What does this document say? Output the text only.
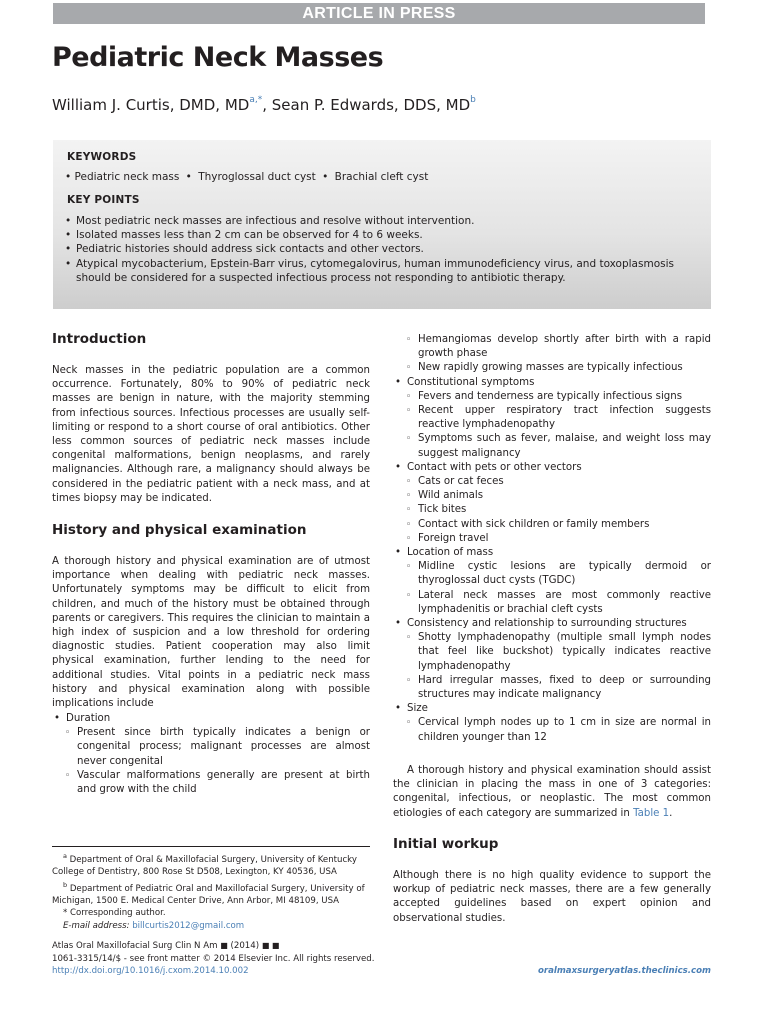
ARTICLE IN PRESS
Pediatric Neck Masses
William J. Curtis, DMD, $MD^{a,*}$, Sean P. Edwards, DDS, $MD^b$
KEYWORDS
• Pediatric neck mass • Thyroglossal duct cyst • Brachial cleft cyst
KEY POINTS
• Most pediatric neck masses are infectious and resolve without intervention.
• Isolated masses less than 2 cm can be observed for 4 to 6 weeks.
• Pediatric histories should address sick contacts and other vectors.
• Atypical mycobacterium, Epstein-Barr virus, cytomegalovirus, human immunodeficiency virus, and toxoplasmosis should be considered for a suspected infectious process not responding to antibiotic therapy.
Introduction

Neck masses in the pediatric population are a common occurrence. Fortunately, 80% to 90% of pediatric neck masses are benign in nature, with the majority stemming from infectious sources. Infectious processes are usually self-limiting or respond to a short course of oral antibiotics. Other less common sources of pediatric neck masses include congenital malformations, benign neoplasms, and rarely malignancies. Although rare, a malignancy should always be considered in the pediatric patient with a neck mass, and at times biopsy may be indicated.

History and physical examination

A thorough history and physical examination are of utmost importance when dealing with pediatric neck masses. Unfortunately symptoms may be difficult to elicit from children, and much of the history must be obtained through parents or caregivers. This requires the clinician to maintain a high index of suspicion and a low threshold for ordering diagnostic studies. Patient cooperation may also limit physical examination, further lending to the need for additional studies. Vital points in a pediatric neck mass history and physical examination along with possible implications include

• Duration
◦ Present since birth typically indicates a benign or congenital process; malignant processes are almost never congenital
◦ Vascular malformations generally are present at birth and grow with the child
$^a$ Department of Oral & Maxillofacial Surgery, University of Kentucky College of Dentistry, 800 Rose St D508, Lexington, KY 40536, USA
$^b$ Department of Pediatric Oral and Maxillofacial Surgery, University of Michigan, 1500 E. Medical Center Drive, Ann Arbor, MI 48109, USA
* Corresponding author.
E-mail address: billcurtis2012@gmail.com
◦ Hemangiomas develop shortly after birth with a rapid growth phase
◦ New rapidly growing masses are typically infectious
• Constitutional symptoms
◦ Fevers and tenderness are typically infectious signs
◦ Recent upper respiratory tract infection suggests reactive lymphadenopathy
◦ Symptoms such as fever, malaise, and weight loss may suggest malignancy
• Contact with pets or other vectors
◦ Cats or cat feces
◦ Wild animals
◦ Tick bites
◦ Contact with sick children or family members
◦ Foreign travel
• Location of mass
◦ Midline cystic lesions are typically dermoid or thyroglossal duct cysts (TGDC)
◦ Lateral neck masses are most commonly reactive lymphadenitis or brachial cleft cysts
• Consistency and relationship to surrounding structures
◦ Shotty lymphadenopathy (multiple small lymph nodes that feel like buckshot) typically indicates reactive lymphadenopathy
◦ Hard irregular masses, fixed to deep or surrounding structures may indicate malignancy
• Size
◦ Cervical lymph nodes up to 1 cm in size are normal in children younger than 12

A thorough history and physical examination should assist the clinician in placing the mass in one of 3 categories: congenital, infectious, or neoplastic. The most common etiologies of each category are summarized in Table 1.

Initial workup

Although there is no high quality evidence to support the workup of pediatric neck masses, there are a few generally accepted guidelines based on expert opinion and observational studies.

Atlas Oral Maxillofacial Surg Clin N Am ■ (2014) ■ ■
1061-3315/14/$ - see front matter © 2014 Elsevier Inc. All rights reserved.
http://dx.doi.org/10.1016/j.cxom.2014.10.002	oralmaxsurgeryatlas.theclinics.com
